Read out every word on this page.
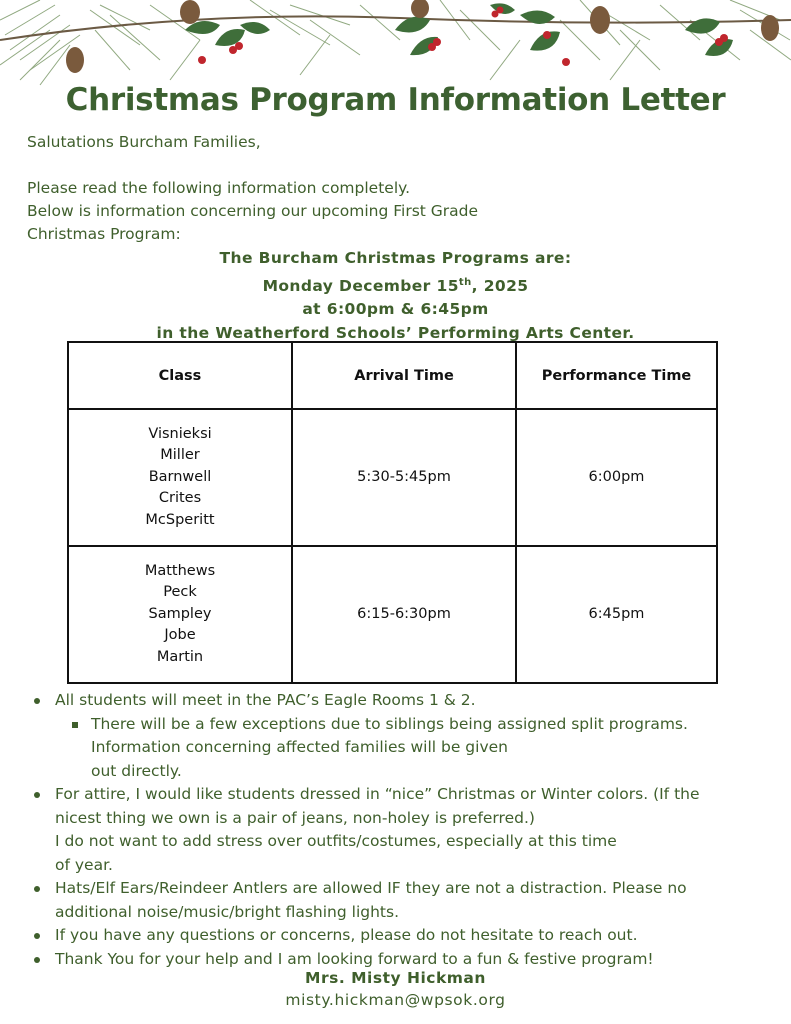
Christmas Program Information Letter

Salutations Burcham Families,

Please read the following information completely.
Below is information concerning our upcoming First Grade
Christmas Program:
The Burcham Christmas Programs are:
Monday December 15th, 2025
at 6:00pm & 6:45pm
in the Weatherford Schools’ Performing Arts Center.
Class	Arrival Time	Performance Time

Visnieksi
Miller
Barnwell
Crites
McSperitt	5:30-5:45pm	6:00pm

Matthews
Peck
Sampley
Jobe
Martin	6:15-6:30pm	6:45pm
All students will meet in the PAC’s Eagle Rooms 1 & 2.
There will be a few exceptions due to siblings being assigned split programs.
Information concerning affected families will be given
out directly.
For attire, I would like students dressed in “nice” Christmas or Winter colors. (If the
nicest thing we own is a pair of jeans, non-holey is preferred.)
I do not want to add stress over outfits/costumes, especially at this time
of year.
Hats/Elf Ears/Reindeer Antlers are allowed IF they are not a distraction. Please no
additional noise/music/bright flashing lights.
If you have any questions or concerns, please do not hesitate to reach out.
Thank You for your help and I am looking forward to a fun & festive program!
Mrs. Misty Hickman
misty.hickman@wpsok.org
